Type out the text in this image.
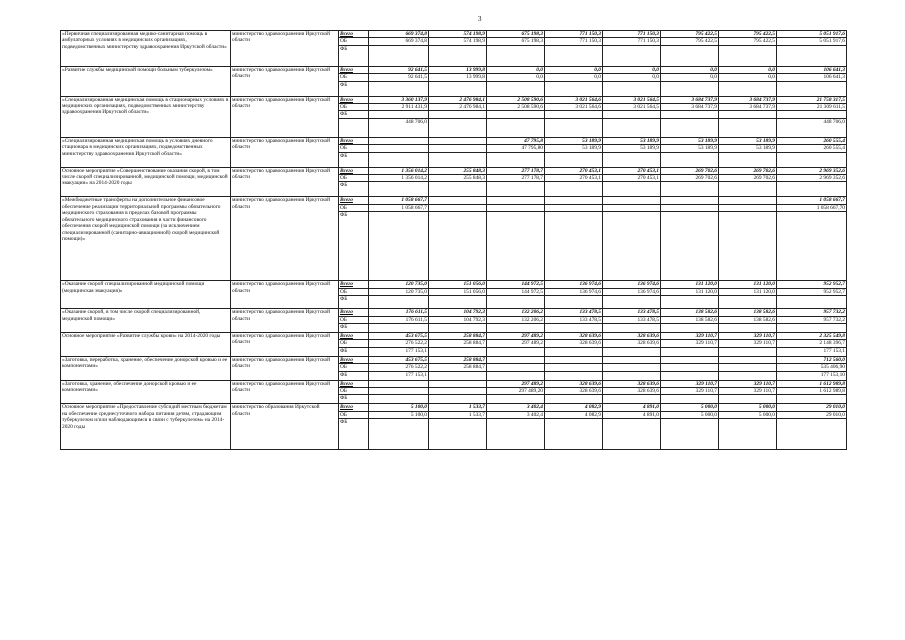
3
«Первичная специализированная медико-санитарная помощь в амбулаторных условиях в медицинских организациях, подведомственных министерству здравоохранения Иркутской области»	министерство здравоохранения Иркутской области	Всего	669 374,8	574 198,9	675 198,3	771 150,3	771 150,3	795 422,5	795 422,5	5 051 917,6
		ОБ	669 374,8	574 198,9	675 198,3	771 150,3	771 150,3	795 422,5	795 422,5	5 051 917,6
		ФБ								
«Развитие службы медицинской помощи больным туберкулезом»	министерство здравоохранения Иркутской области	Всего	92 641,5	13 999,8	0,0	0,0	0,0	0,0	0,0	106 641,3
		ОБ	92 641,5	13 999,8	0,0	0,0	0,0	0,0	0,0	106 641,3
		ФБ								
«Специализированная медицинская помощь в стационарных условиях в медицинских организациях, подведомственных министерству здравоохранения Иркутской области»	министерство здравоохранения Иркутской области	Всего	3 360 137,9	2 476 984,1	2 508 590,6	3 021 564,6	3 021 564,5	3 684 737,9	3 684 737,9	21 758 317,5
		ОБ	2 911 431,9	2 476 984,1	2 508 590,6	3 021 564,6	3 021 564,5	3 684 737,9	3 684 737,9	21 309 611,5
		ФБ								
			448 706,0							448 706,0
«Специализированная медицинская помощь в условиях дневного стационара в медицинских организациях, подведомственных министерству здравоохранения Иркутской области»	министерство здравоохранения Иркутской области	Всего			47 795,8	53 189,9	53 189,9	53 189,9	53 189,9	260 555,4
		ОБ			47 795,80	53 189,9	53 189,9	53 189,9	53 189,9	260 555,4
		ФБ								
Основное мероприятие «Совершенствование оказания скорой, в том числе скорой специализированной, медицинской помощи, медицинской эвакуации» на 2014-2020 годы	министерство здравоохранения Иркутской области	Всего	1 356 014,2	255 848,3	277 178,7	270 453,1	270 453,1	269 702,6	269 702,6	2 969 352,6
		ОБ	1 356 014,2	255 848,3	277 178,7	270 453,1	270 453,1	269 702,6	269 702,6	2 969 352,6
		ФБ								
«Межбюджетные трансферты на дополнительное финансовое обеспечение реализации территориальной программы обязательного медицинского страхования в пределах базовой программы обязательного медицинского страхования в части финансового обеспечения скорой медицинской помощи (за исключением специализированной (санитарно-авиационной) скорой медицинской помощи)»	министерство здравоохранения Иркутской области	Всего	1 058 667,7							1 058 667,7
		ОБ	1 058 667,7							1 058 667,70
		ФБ								
«Оказание скорой специализированной медицинской помощи (медицинская эвакуация)»	министерство здравоохранения Иркутской области	Всего	120 735,0	151 056,0	144 972,5	136 974,6	136 974,6	131 120,0	131 120,0	952 952,7
		ОБ	120 735,0	151 056,0	144 972,5	136 974,6	136 974,6	131 120,0	131 120,0	952 952,7
		ФБ								
«Оказание скорой, в том числе скорой специализированной, медицинской помощи»	министерство здравоохранения Иркутской области	Всего	176 611,5	104 792,3	132 206,2	133 478,5	133 478,5	138 582,6	138 582,6	957 732,2
		ОБ	176 611,5	104 792,3	132 206,2	133 478,5	133 478,5	138 582,6	138 582,6	957 732,2
		ФБ								
Основное мероприятие «Развитие службы крови» на 2014-2020 годы	министерство здравоохранения Иркутской области	Всего	453 675,5	258 884,7	297 489,2	328 639,6	328 639,6	329 110,7	329 110,7	2 325 549,8
		ОБ	276 522,2	258 884,7	297 489,2	328 639,6	328 639,6	329 110,7	329 110,7	2 148 396,7
		ФБ	177 153,1							177 153,1
«Заготовка, переработка, хранение, обеспечение донорской кровью и ее компонентами»	министерство здравоохранения Иркутской области	Всего	453 675,5	258 884,7						712 560,0
		ОБ	276 522,2	258 884,7						535 406,90
		ФБ	177 153,1							177 153,10
«Заготовка, хранение, обеспечение донорской кровью и ее компонентами»	министерство здравоохранения Иркутской области	Всего			297 489,2	328 639,6	328 639,6	329 110,7	329 110,7	1 612 989,8
		ОБ			297 489,20	328 639,6	328 639,6	329 110,7	329 110,7	1 612 989,8
		ФБ								
Основное мероприятие «Предоставление субсидий местным бюджетам на обеспечение среднесуточного набора питания детям, страдающим туберкулезом и/или наблюдающимся в связи с туберкулезом» на 2014-2020 годы	министерство образования Иркутской области	Всего	5 100,0	1 533,7	3 402,4	4 082,9	4 891,0	5 000,0	5 000,0	29 010,0
		ОБ	5 100,0	1 533,7	3 402,4	4 082,9	4 891,0	5 000,0	5 000,0	29 010,0
		ФБ								
